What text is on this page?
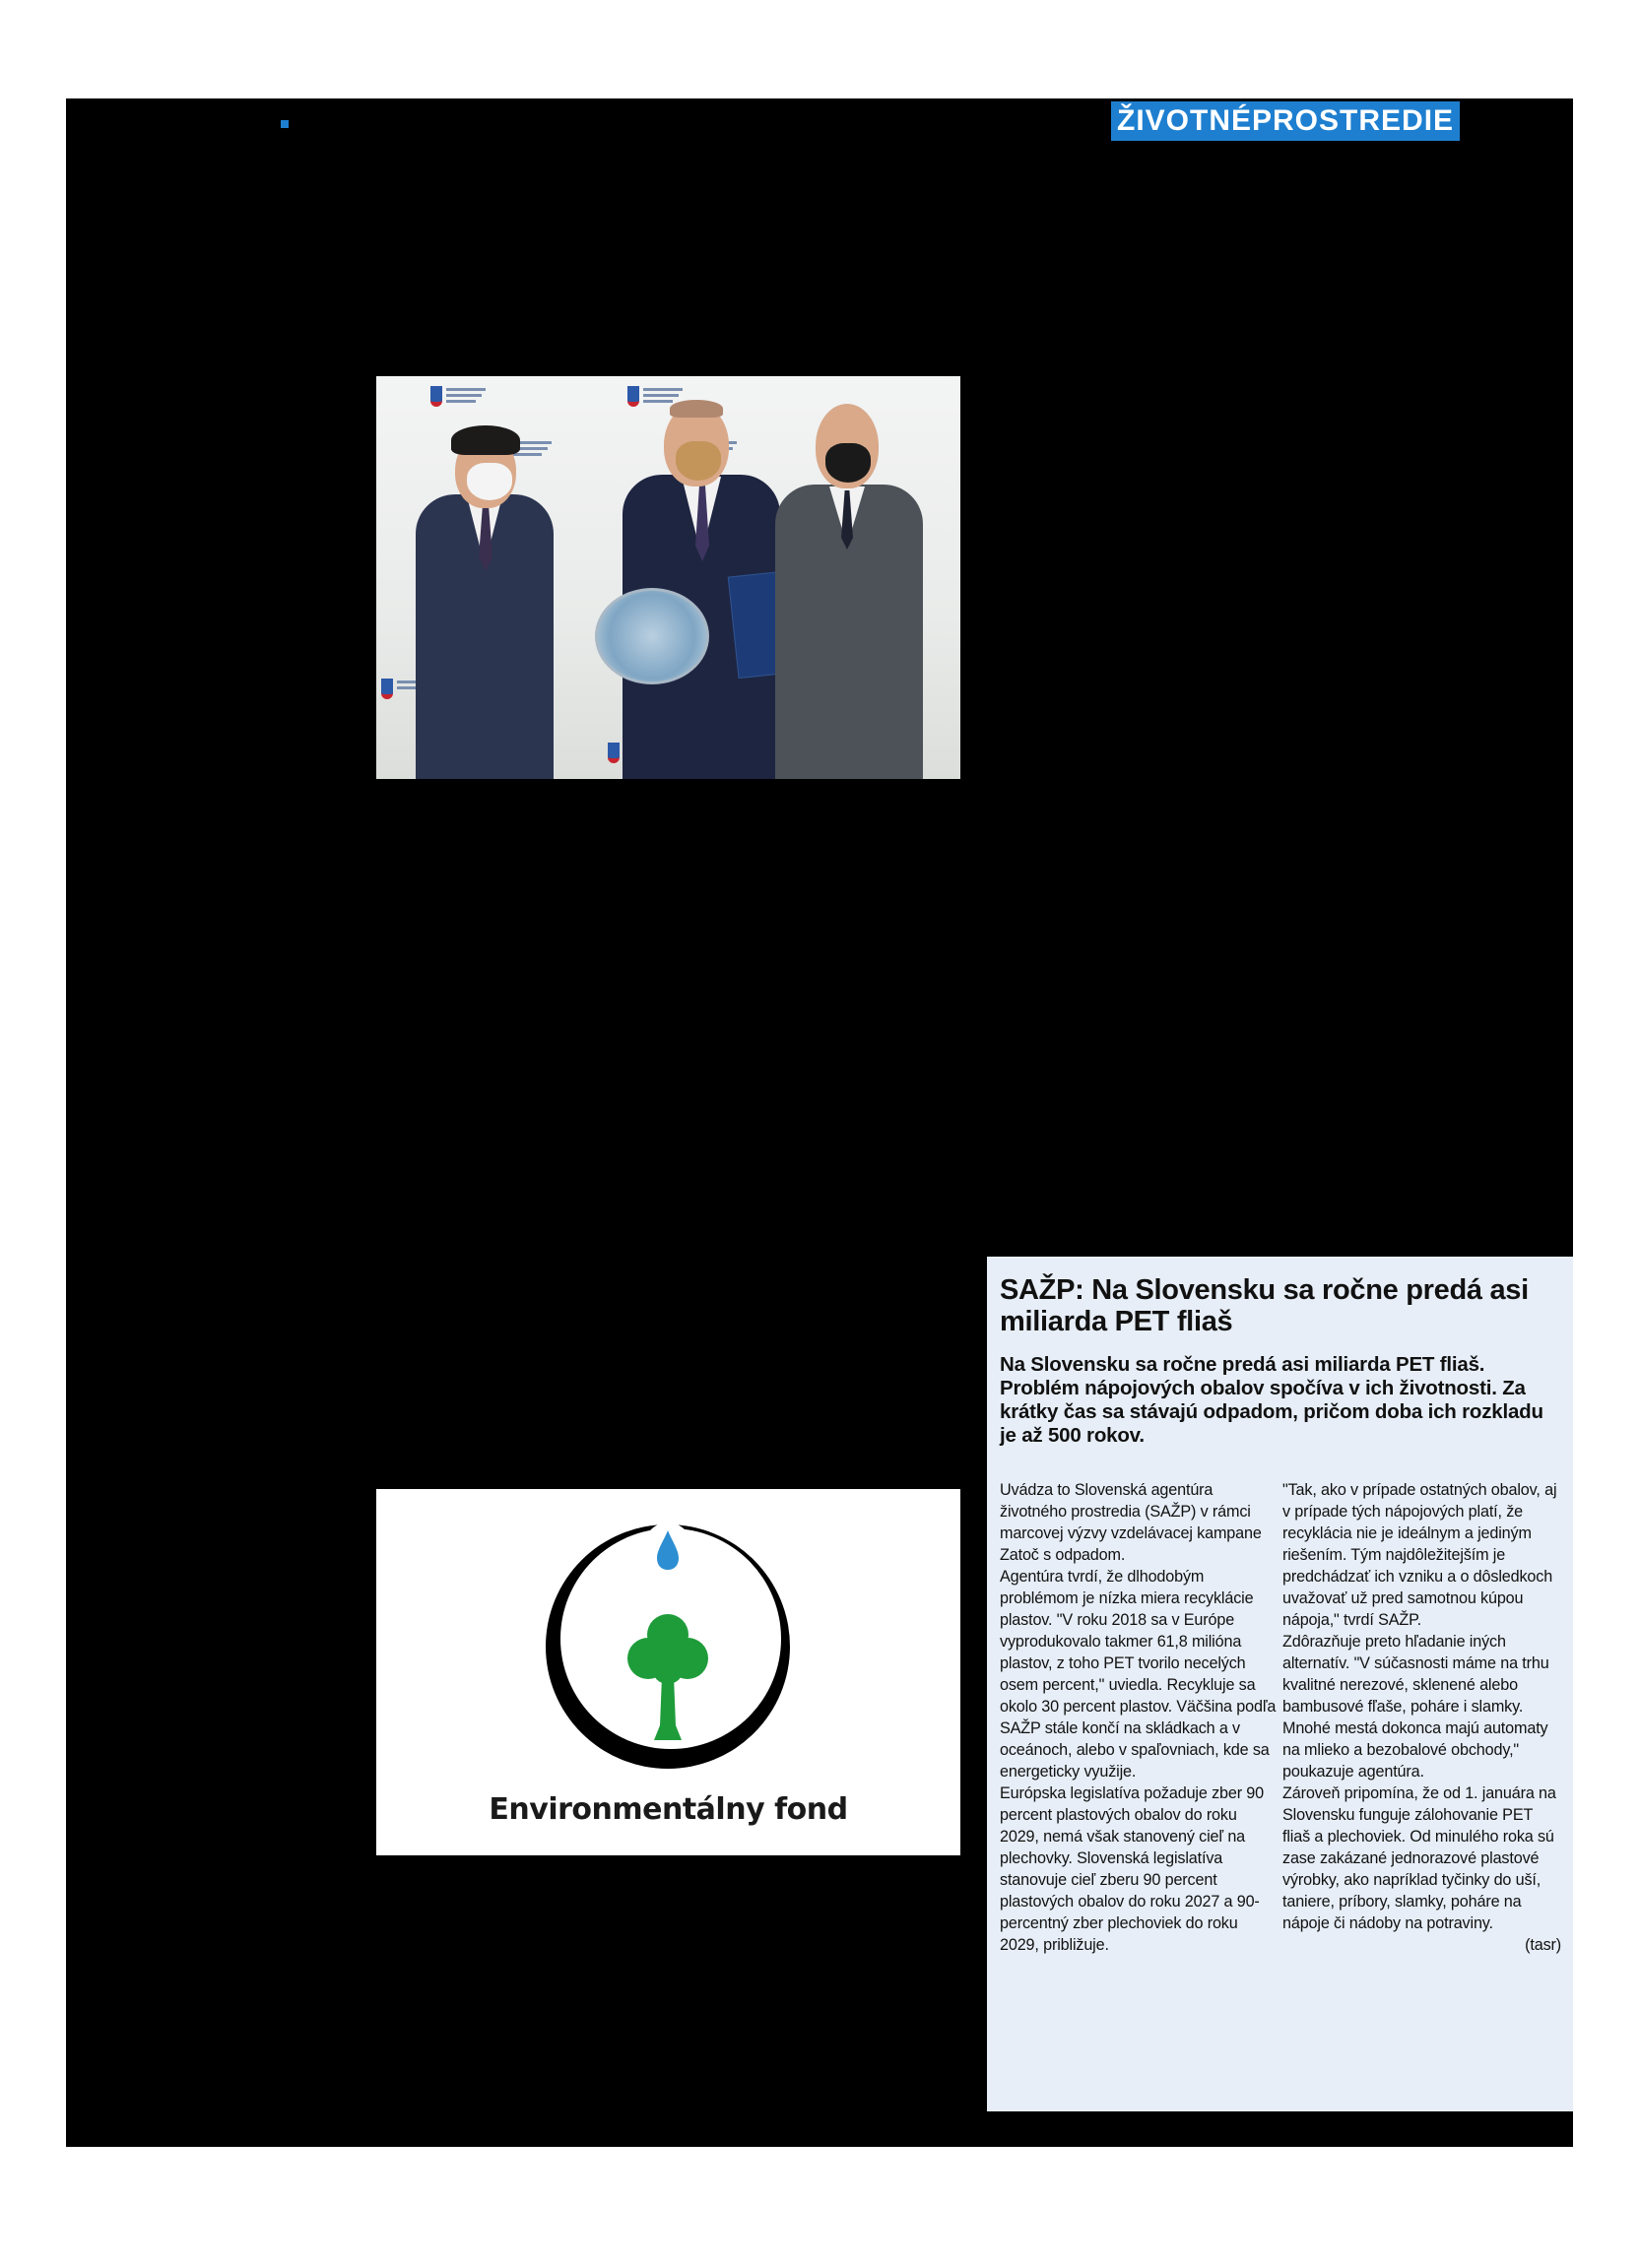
ŽIVOTNÉPROSTREDIE
Environmentálny fond
SAŽP: Na Slovensku sa ročne predá asi miliarda PET fliaš

Na Slovensku sa ročne predá asi miliarda PET fliaš. Problém nápojových obalov spočíva v ich životnosti. Za krátky čas sa stávajú odpadom, pričom doba ich rozkladu je až 500 rokov.

Uvádza to Slovenská agentúra životného prostredia (SAŽP) v rámci marcovej výzvy vzdelávacej kampane Zatoč s odpadom.

Agentúra tvrdí, že dlhodobým problémom je nízka miera recyklácie plastov. "V roku 2018 sa v Európe vyprodukovalo takmer 61,8 milióna plastov, z toho PET tvorilo necelých osem percent," uviedla. Recykluje sa okolo 30 percent plastov. Väčšina podľa SAŽP stále končí na skládkach a v oceánoch, alebo v spaľovniach, kde sa energeticky využije.

Európska legislatíva požaduje zber 90 percent plastových obalov do roku 2029, nemá však stanovený cieľ na plechovky. Slovenská legislatíva stanovuje cieľ zberu 90 percent plastových obalov do roku 2027 a 90-percentný zber plechoviek do roku 2029, približuje.

"Tak, ako v prípade ostatných obalov, aj v prípade tých nápojových platí, že recyklácia nie je ideálnym a jediným riešením. Tým najdôležitejším je predchádzať ich vzniku a o dôsledkoch uvažovať už pred samotnou kúpou nápoja," tvrdí SAŽP.

Zdôrazňuje preto hľadanie iných alternatív. "V súčasnosti máme na trhu kvalitné nerezové, sklenené alebo bambusové fľaše, poháre i slamky. Mnohé mestá dokonca majú automaty na mlieko a bezobalové obchody," poukazuje agentúra.

Zároveň pripomína, že od 1. januára na Slovensku funguje zálohovanie PET fliaš a plechoviek. Od minulého roka sú zase zakázané jednorazové plastové výrobky, ako napríklad tyčinky do uší, taniere, príbory, slamky, poháre na nápoje či nádoby na potraviny.

(tasr)
